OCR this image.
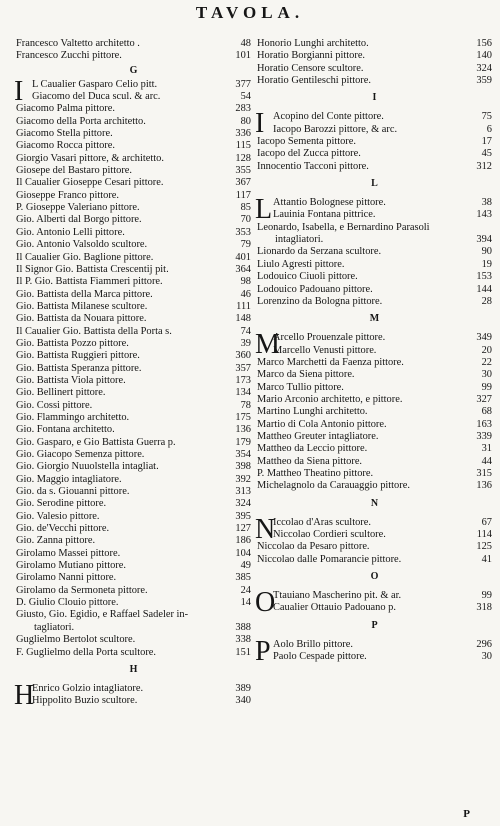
TAVOLA.
Francesco Valtetto architetto .	48
Francesco Zucchi pittore.	101
G
I L Caualier Gasparo Celio pitt.	377
Giacomo del Duca scul. & arc.	54
Giacomo Palma pittore.	283
Giacomo della Porta architetto.	80
Giacomo Stella pittore.	336
Giacomo Rocca pittore.	115
Giorgio Vasari pittore, & architetto.	128
Giosepe del Bastaro pittore.	355
Il Caualier Gioseppe Cesari pittore.	367
Gioseppe Franco pittore.	117
P. Gioseppe Valeriano pittore.	85
Gio. Alberti dal Borgo pittore.	70
Gio. Antonio Lelli pittore.	353
Gio. Antonio Valsoldo scultore.	79
Il Caualier Gio. Baglione pittore.	401
Il Signor Gio. Battista Crescentij pit.	364
Il P. Gio. Battista Fiammeri pittore.	98
Gio. Battista della Marca pittore.	46
Gio. Battista Milanese scultore.	111
Gio. Battista da Nouara pittore.	148
Il Caualier Gio. Battista della Porta s.	74
Gio. Battista Pozzo pittore.	39
Gio. Battista Ruggieri pittore.	360
Gio. Battista Speranza pittore.	357
Gio. Battista Viola pittore.	173
Gio. Bellinert pittore.	134
Gio. Cossi pittore.	78
Gio. Flammingo architetto.	175
Gio. Fontana architetto.	136
Gio. Gasparo, e Gio Battista Guerra p.	179
Gio. Giacopo Semenza pittore.	354
Gio. Giorgio Nuuolstella intagliat.	398
Gio. Maggio intagliatore.	392
Gio. da s. Giouanni pittore.	313
Gio. Serodine pittore.	324
Gio. Valesio pittore.	395
Gio. de'Vecchi pittore.	127
Gio. Zanna pittore.	186
Girolamo Massei pittore.	104
Girolamo Mutiano pittore.	49
Girolamo Nanni pittore.	385
Girolamo da Sermoneta pittore.	24
D. Giulio Clouio pittore.	14
Giusto, Gio. Egidio, e Raffael Sadeler in-
tagliatori.	388
Guglielmo Bertolot scultore.	338
F. Guglielmo della Porta scultore.	151
H
H
Enrico Golzio intagliatore.	389
Hippolito Buzio scultore.	340
Honorio Lunghi architetto.	156
Horatio Borgianni pittore.	140
Horatio Censore scultore.	324
Horatio Gentileschi pittore.	359
I
I Acopino del Conte pittore.	75
Iacopo Barozzi pittore, & arc.	6
Iacopo Sementa pittore.	17
Iacopo del Zucca pittore.	45
Innocentio Tacconi pittore.	312
L
L Attantio Bolognese pittore.	38
Lauinia Fontana pittrice.	143
Leonardo, Isabella, e Bernardino Parasoli
intagliatori.	394
Lionardo da Serzana scultore.	90
Liulo Agresti pittore.	19
Lodouico Ciuoli pittore.	153
Lodouico Padouano pittore.	144
Lorenzino da Bologna pittore.	28
M
M
Arcello Prouenzale pittore.	349
Marcello Venusti pittore.	20
Marco Marchetti da Faenza pittore.	22
Marco da Siena pittore.	30
Marco Tullio pittore.	99
Mario Arconio architetto, e pittore.	327
Martino Lunghi architetto.	68
Martio di Cola Antonio pittore.	163
Mattheo Greuter intagliatore.	339
Mattheo da Leccio pittore.	31
Mattheo da Siena pittore.	44
P. Mattheo Theatino pittore.	315
Michelagnolo da Carauaggio pittore.	136
N
N
Iccolao d'Aras scultore.	67
Niccolao Cordieri scultore.	114
Niccolao da Pesaro pittore.	125
Niccolao dalle Pomarancie pittore.	41
O
O
Ttauiano Mascherino pit. & ar.	99
Caualier Ottauio Padouano p.	318
P
P Aolo Brillo pittore.	296
Paolo Cespade pittore.	30
P
